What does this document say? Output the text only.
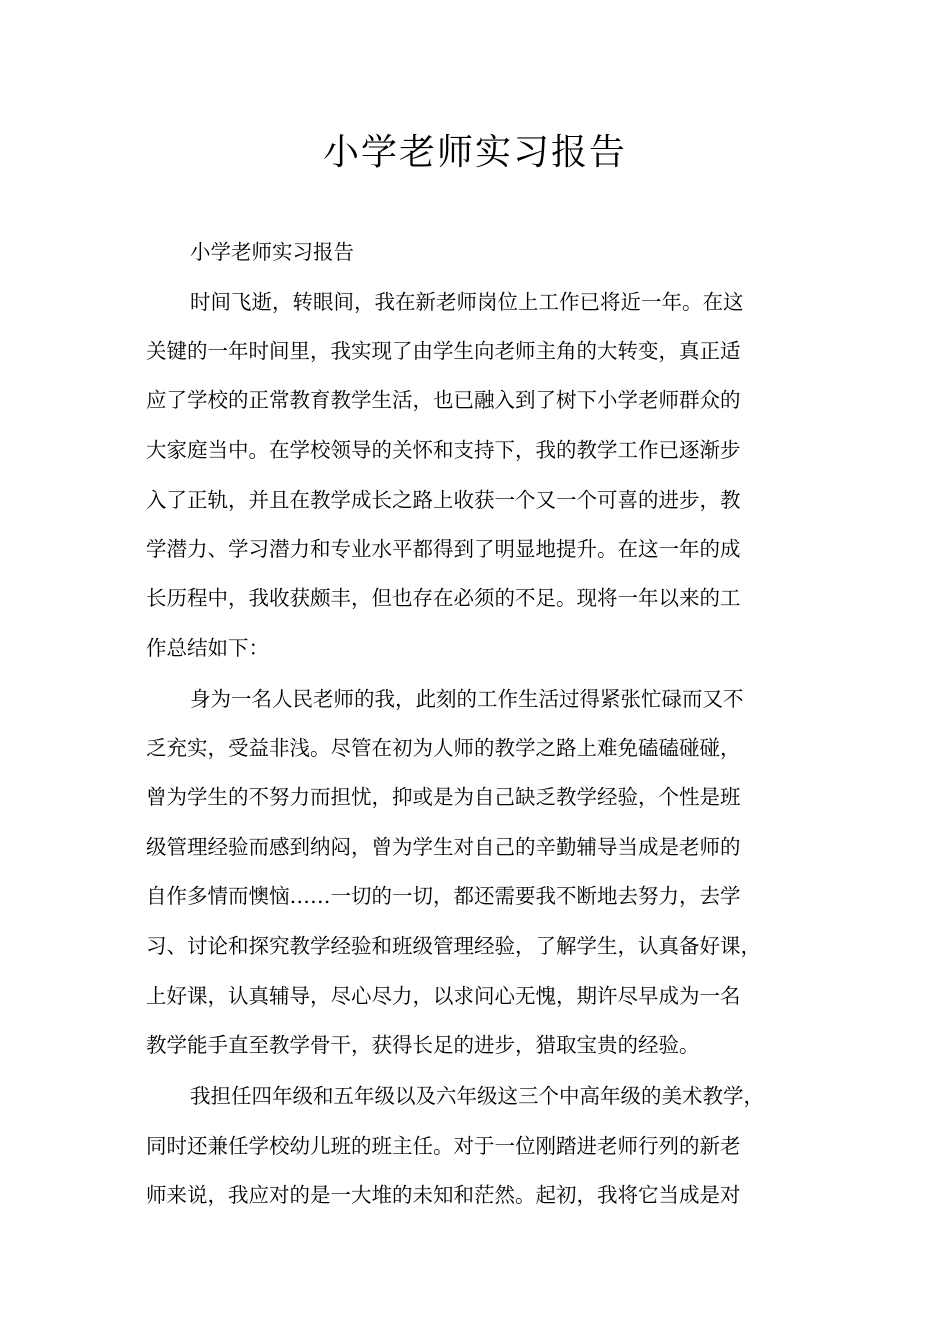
小学老师实习报告

小学老师实习报告

时间飞逝，转眼间，我在新老师岗位上工作已将近一年。在这

关键的一年时间里，我实现了由学生向老师主角的大转变，真正适

应了学校的正常教育教学生活，也已融入到了树下小学老师群众的

大家庭当中。在学校领导的关怀和支持下，我的教学工作已逐渐步

入了正轨，并且在教学成长之路上收获一个又一个可喜的进步，教

学潜力、学习潜力和专业水平都得到了明显地提升。在这一年的成

长历程中，我收获颇丰，但也存在必须的不足。现将一年以来的工

作总结如下：

身为一名人民老师的我，此刻的工作生活过得紧张忙碌而又不

乏充实，受益非浅。尽管在初为人师的教学之路上难免磕磕碰碰，

曾为学生的不努力而担忧，抑或是为自己缺乏教学经验，个性是班

级管理经验而感到纳闷，曾为学生对自己的辛勤辅导当成是老师的

自作多情而懊恼……一切的一切，都还需要我不断地去努力，去学

习、讨论和探究教学经验和班级管理经验，了解学生，认真备好课，

上好课，认真辅导，尽心尽力，以求问心无愧，期许尽早成为一名

教学能手直至教学骨干，获得长足的进步，猎取宝贵的经验。

我担任四年级和五年级以及六年级这三个中高年级的美术教学，

同时还兼任学校幼儿班的班主任。对于一位刚踏进老师行列的新老

师来说，我应对的是一大堆的未知和茫然。起初，我将它当成是对
